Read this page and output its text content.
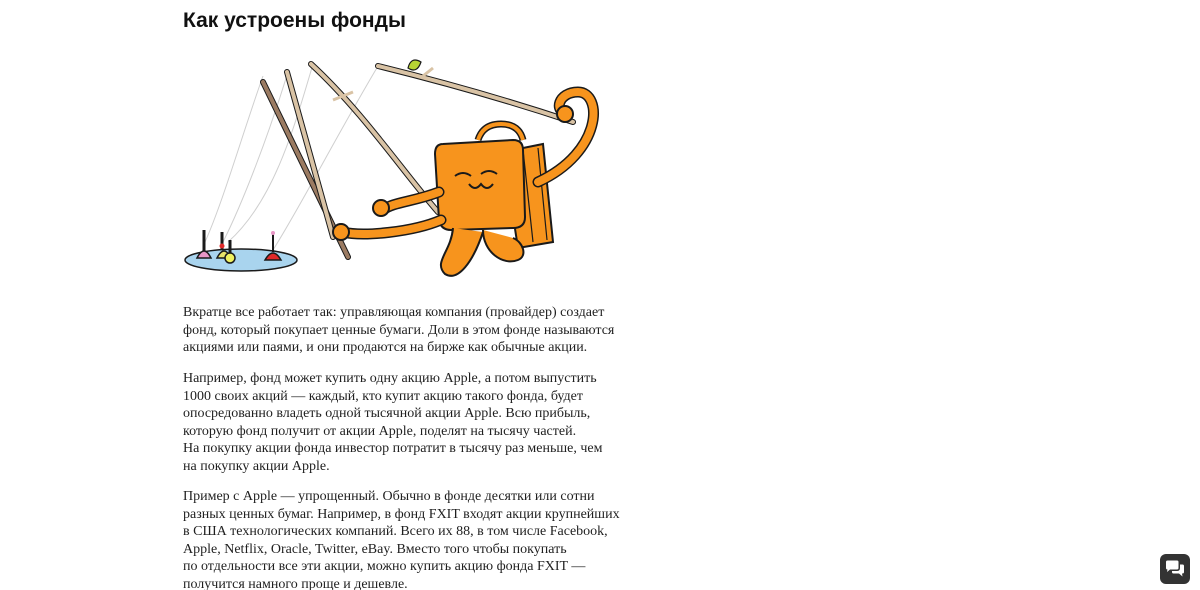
Как устроены фонды
Вкратце все работает так: управляющая компания (провайдер) создает
фонд, который покупает ценные бумаги. Доли в этом фонде называются
акциями или паями, и они продаются на бирже как обычные акции.
Например, фонд может купить одну акцию Apple, а потом выпустить
1000 своих акций — каждый, кто купит акцию такого фонда, будет
опосредованно владеть одной тысячной акции Apple. Всю прибыль,
которую фонд получит от акции Apple, поделят на тысячу частей.
На покупку акции фонда инвестор потратит в тысячу раз меньше, чем
на покупку акции Apple.
Пример с Apple — упрощенный. Обычно в фонде десятки или сотни
разных ценных бумаг. Например, в фонд FXIT входят акции крупнейших
в США технологических компаний. Всего их 88, в том числе Facebook,
Apple, Netflix, Oracle, Twitter, eBay. Вместо того чтобы покупать
по отдельности все эти акции, можно купить акцию фонда FXIT —
получится намного проще и дешевле.
